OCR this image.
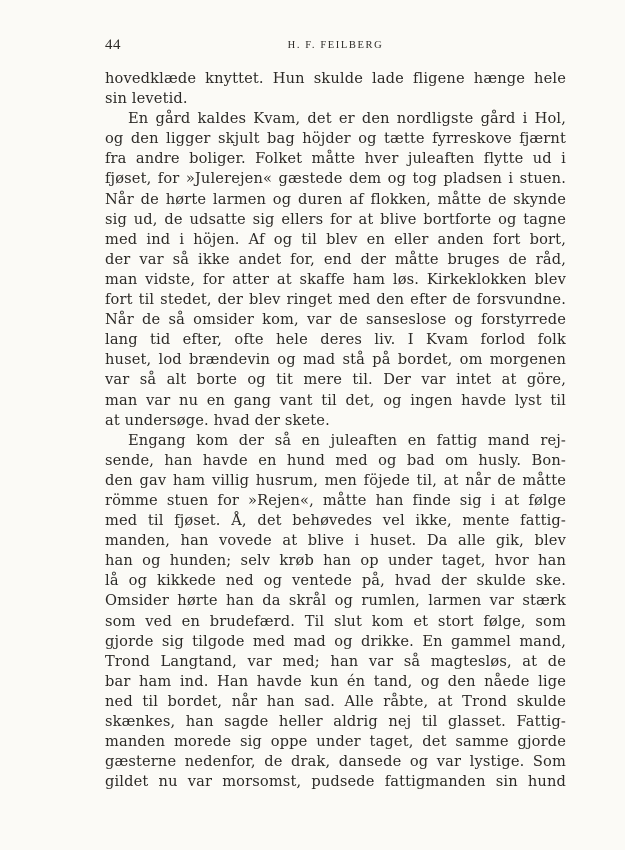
44	H. F. FEILBERG
hovedklæde knyttet. Hun skulde lade fligene hænge hele
sin levetid.
En gård kaldes Kvam, det er den nordligste gård i Hol,
og den ligger skjult bag höjder og tætte fyrreskove fjærnt
fra andre boliger. Folket måtte hver juleaften flytte ud i
fjøset, for »Julerejen« gæstede dem og tog pladsen i stuen.
Når de hørte larmen og duren af flokken, måtte de skynde
sig ud, de udsatte sig ellers for at blive bortforte og tagne
med ind i höjen. Af og til blev en eller anden fort bort,
der var så ikke andet for, end der måtte bruges de råd,
man vidste, for atter at skaffe ham løs. Kirkeklokken blev
fort til stedet, der blev ringet med den efter de forsvundne.
Når de så omsider kom, var de sanseslose og forstyrrede
lang tid efter, ofte hele deres liv. I Kvam forlod folk
huset, lod brændevin og mad stå på bordet, om morgenen
var så alt borte og tit mere til. Der var intet at göre,
man var nu en gang vant til det, og ingen havde lyst til
at undersøge. hvad der skete.
Engang kom der så en juleaften en fattig mand rej-
sende, han havde en hund med og bad om husly. Bon-
den gav ham villig husrum, men föjede til, at når de måtte
römme stuen for »Rejen«, måtte han finde sig i at følge
med til fjøset. Å, det behøvedes vel ikke, mente fattig-
manden, han vovede at blive i huset. Da alle gik, blev
han og hunden; selv krøb han op under taget, hvor han
lå og kikkede ned og ventede på, hvad der skulde ske.
Omsider hørte han da skrål og rumlen, larmen var stærk
som ved en brudefærd. Til slut kom et stort følge, som
gjorde sig tilgode med mad og drikke. En gammel mand,
Trond Langtand, var med; han var så magtesløs, at de
bar ham ind. Han havde kun én tand, og den nåede lige
ned til bordet, når han sad. Alle råbte, at Trond skulde
skænkes, han sagde heller aldrig nej til glasset. Fattig-
manden morede sig oppe under taget, det samme gjorde
gæsterne nedenfor, de drak, dansede og var lystige. Som
gildet nu var morsomst, pudsede fattigmanden sin hund
